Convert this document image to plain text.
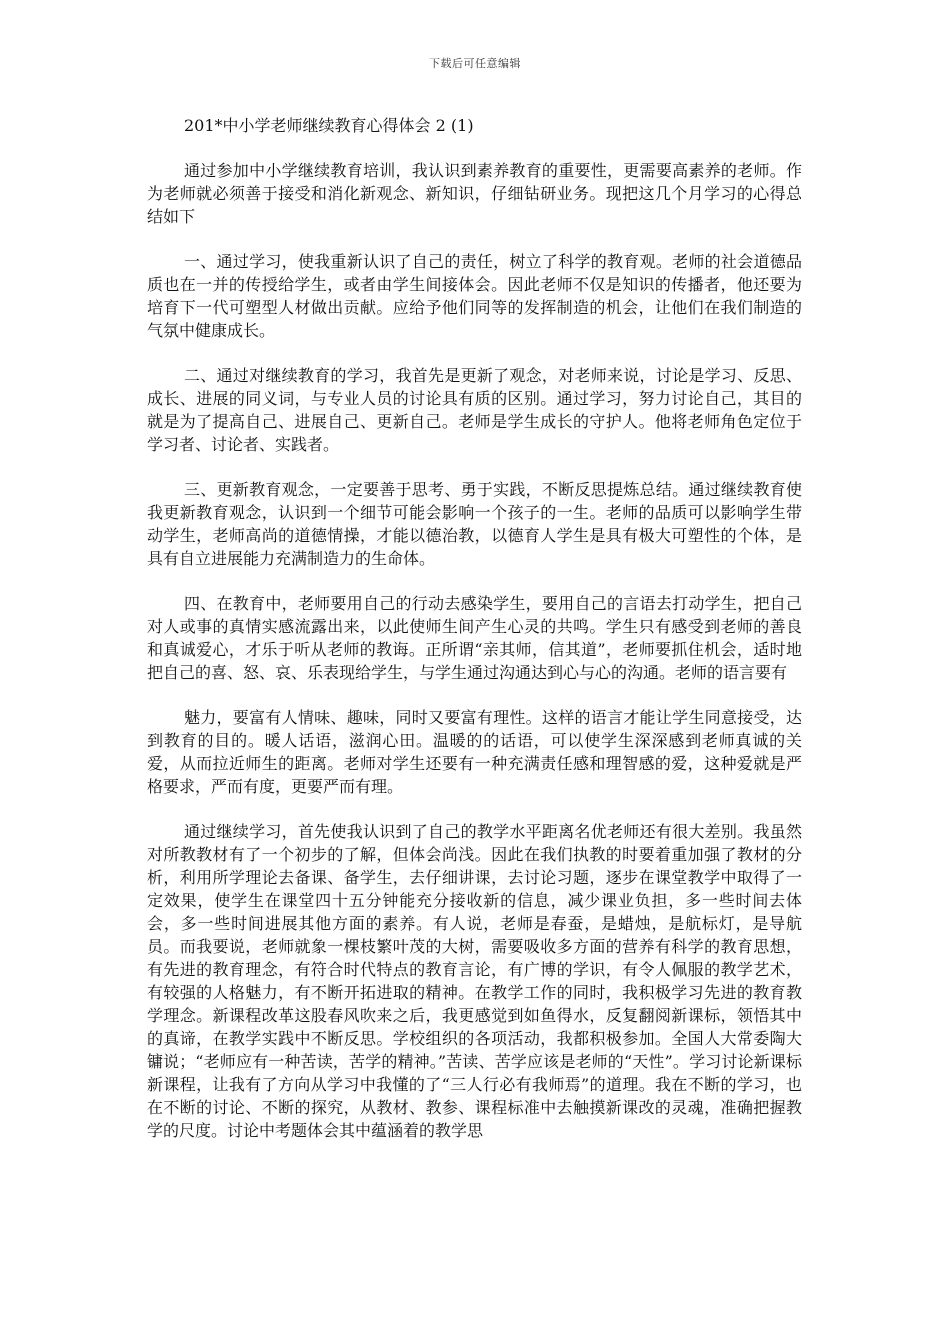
下载后可任意编辑

201*中小学老师继续教育心得体会 2 (1)

通过参加中小学继续教育培训，我认识到素养教育的重要性，更需要高素养的老师。作为老师就必须善于接受和消化新观念、新知识，仔细钻研业务。现把这几个月学习的心得总结如下

一、通过学习，使我重新认识了自己的责任，树立了科学的教育观。老师的社会道德品质也在一并的传授给学生，或者由学生间接体会。因此老师不仅是知识的传播者，他还要为培育下一代可塑型人材做出贡献。应给予他们同等的发挥制造的机会，让他们在我们制造的气氛中健康成长。

二、通过对继续教育的学习，我首先是更新了观念，对老师来说，讨论是学习、反思、成长、进展的同义词，与专业人员的讨论具有质的区别。通过学习，努力讨论自己，其目的就是为了提高自己、进展自己、更新自己。老师是学生成长的守护人。他将老师角色定位于学习者、讨论者、实践者。

三、更新教育观念，一定要善于思考、勇于实践，不断反思提炼总结。通过继续教育使我更新教育观念，认识到一个细节可能会影响一个孩子的一生。老师的品质可以影响学生带动学生，老师高尚的道德情操，才能以德治教，以德育人学生是具有极大可塑性的个体，是具有自立进展能力充满制造力的生命体。

四、在教育中，老师要用自己的行动去感染学生，要用自己的言语去打动学生，把自己对人或事的真情实感流露出来，以此使师生间产生心灵的共鸣。学生只有感受到老师的善良和真诚爱心，才乐于听从老师的教诲。正所谓“亲其师，信其道”，老师要抓住机会，适时地把自己的喜、怒、哀、乐表现给学生，与学生通过沟通达到心与心的沟通。老师的语言要有

魅力，要富有人情味、趣味，同时又要富有理性。这样的语言才能让学生同意接受，达到教育的目的。暖人话语，滋润心田。温暖的的话语，可以使学生深深感到老师真诚的关爱，从而拉近师生的距离。老师对学生还要有一种充满责任感和理智感的爱，这种爱就是严格要求，严而有度，更要严而有理。

通过继续学习，首先使我认识到了自己的教学水平距离名优老师还有很大差别。我虽然对所教教材有了一个初步的了解，但体会尚浅。因此在我们执教的时要着重加强了教材的分析，利用所学理论去备课、备学生，去仔细讲课，去讨论习题，逐步在课堂教学中取得了一定效果，使学生在课堂四十五分钟能充分接收新的信息，减少课业负担，多一些时间去体会，多一些时间进展其他方面的素养。有人说，老师是春蚕，是蜡烛，是航标灯，是导航员。而我要说，老师就象一棵枝繁叶茂的大树，需要吸收多方面的营养有科学的教育思想，有先进的教育理念，有符合时代特点的教育言论，有广博的学识，有令人佩服的教学艺术，有较强的人格魅力，有不断开拓进取的精神。在教学工作的同时，我积极学习先进的教育教学理念。新课程改革这股春风吹来之后，我更感觉到如鱼得水，反复翻阅新课标，领悟其中的真谛，在教学实践中不断反思。学校组织的各项活动，我都积极参加。全国人大常委陶大镛说；“老师应有一种苦读，苦学的精神。”苦读、苦学应该是老师的“天性”。学习讨论新课标新课程，让我有了方向从学习中我懂的了“三人行必有我师焉”的道理。我在不断的学习，也在不断的讨论、不断的探究，从教材、教参、课程标准中去触摸新课改的灵魂，准确把握教学的尺度。讨论中考题体会其中蕴涵着的教学思
